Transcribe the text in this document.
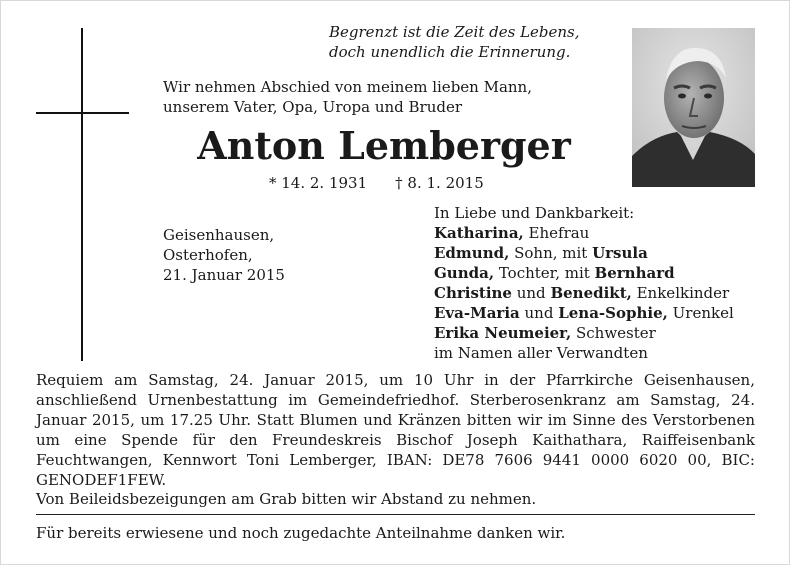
Begrenzt ist die Zeit des Lebens,
doch unendlich die Erinnerung.
Wir nehmen Abschied von meinem lieben Mann,
unserem Vater, Opa, Uropa und Bruder
Anton Lemberger
* 14. 2. 1931 † 8. 1. 2015
Geisenhausen,
Osterhofen,
21. Januar 2015
In Liebe und Dankbarkeit:
Katharina, Ehefrau
Edmund, Sohn, mit Ursula
Gunda, Tochter, mit Bernhard
Christine und Benedikt, Enkelkinder
Eva-Maria und Lena-Sophie, Urenkel
Erika Neumeier, Schwester
im Namen aller Verwandten
Requiem am Samstag, 24. Januar 2015, um 10 Uhr in der Pfarrkirche Geisenhausen, anschließend Urnenbestattung im Gemeindefriedhof. Sterberosenkranz am Samstag, 24. Januar 2015, um 17.25 Uhr. Statt Blumen und Kränzen bitten wir im Sinne des Verstorbenen um eine Spende für den Freundeskreis Bischof Joseph Kaithathara, Raiffeisenbank Feuchtwangen, Kennwort Toni Lemberger, IBAN: DE78 7606 9441 0000 6020 00, BIC: GENODEF1FEW.
Von Beileidsbezeigungen am Grab bitten wir Abstand zu nehmen.
Für bereits erwiesene und noch zugedachte Anteilnahme danken wir.
